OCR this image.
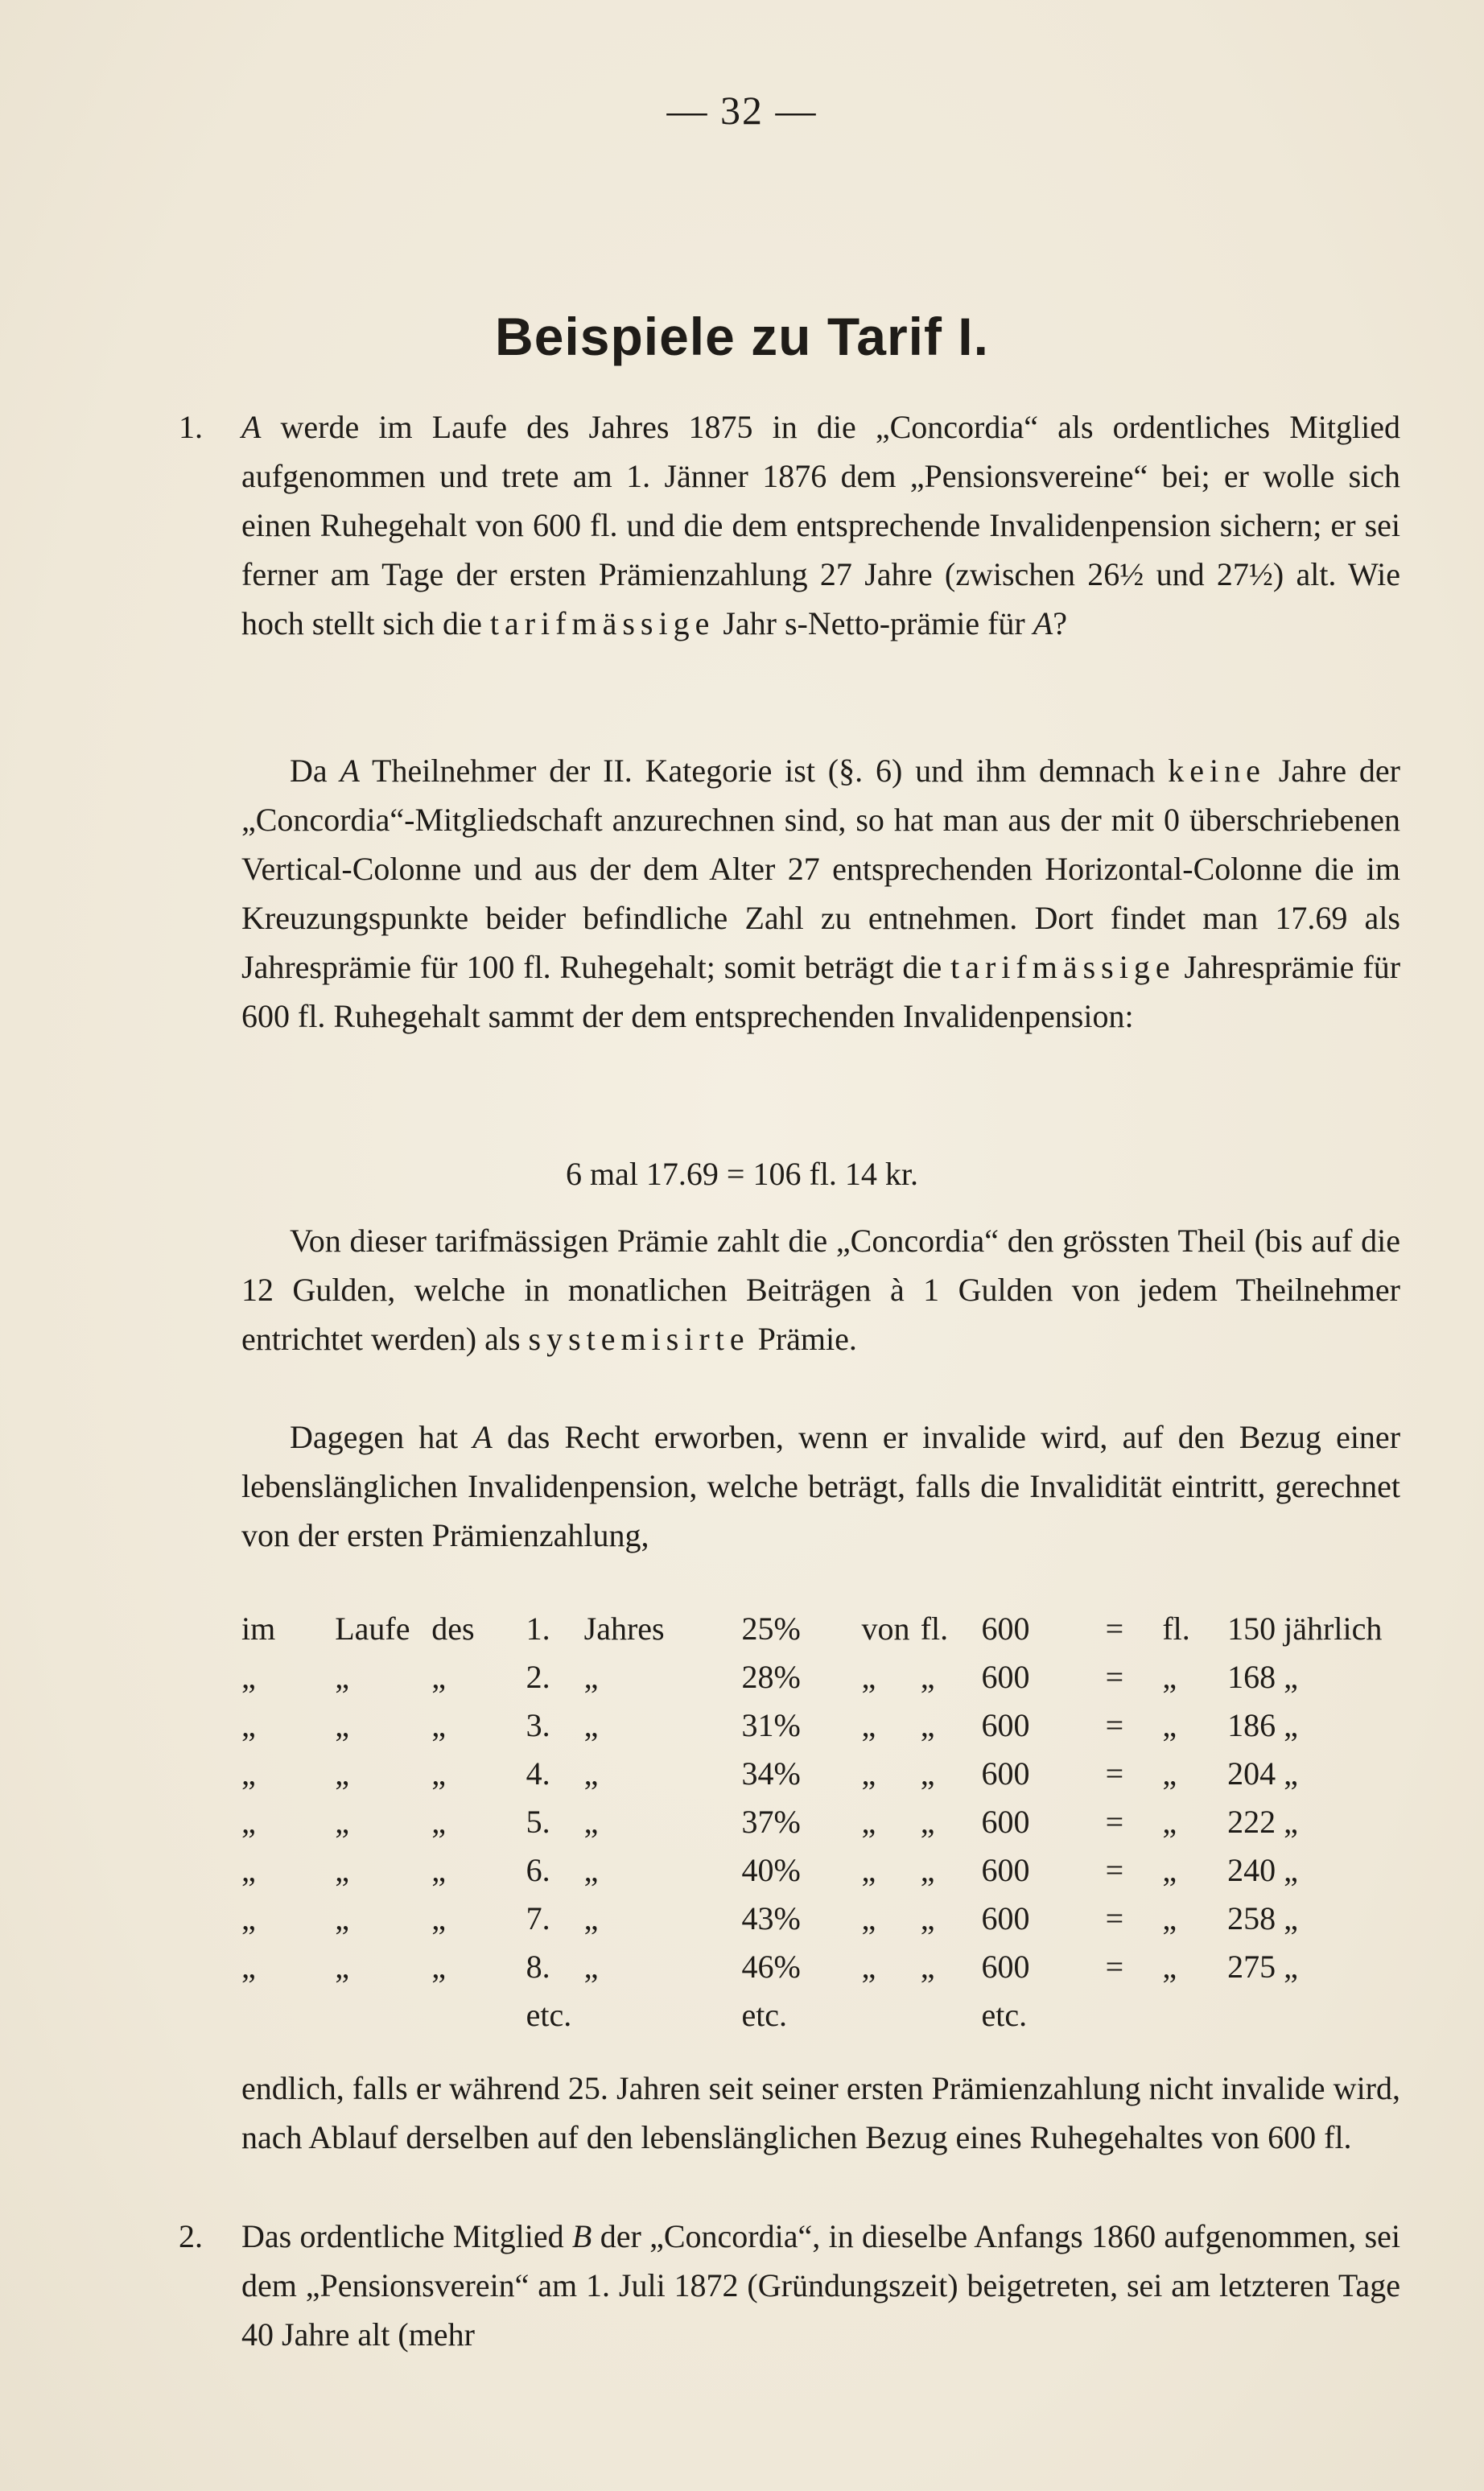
— 32 —
Beispiele zu Tarif I.
1. A werde im Laufe des Jahres 1875 in die „Concordia“ als ordentliches Mitglied aufgenommen und trete am 1. Jänner 1876 dem „Pensionsvereine“ bei; er wolle sich einen Ruhegehalt von 600 fl. und die dem entsprechende Invalidenpension sichern; er sei ferner am Tage der ersten Prämienzahlung 27 Jahre (zwischen 26½ und 27½) alt. Wie hoch stellt sich die tarifmässige Jahr s-Netto-prämie für A?

Da A Theilnehmer der II. Kategorie ist (§. 6) und ihm demnach keine Jahre der „Concordia“-Mitgliedschaft anzurechnen sind, so hat man aus der mit 0 überschriebenen Vertical-Colonne und aus der dem Alter 27 entsprechenden Horizontal-Colonne die im Kreuzungspunkte beider befindliche Zahl zu entnehmen. Dort findet man 17.69 als Jahresprämie für 100 fl. Ruhegehalt; somit beträgt die tarifmässige Jahresprämie für 600 fl. Ruhegehalt sammt der dem entsprechenden Invalidenpension:

6 mal 17.69 = 106 fl. 14 kr.

Von dieser tarifmässigen Prämie zahlt die „Concordia“ den grössten Theil (bis auf die 12 Gulden, welche in monatlichen Beiträgen à 1 Gulden von jedem Theilnehmer entrichtet werden) als systemisirte Prämie.

Dagegen hat A das Recht erworben, wenn er invalide wird, auf den Bezug einer lebenslänglichen Invalidenpension, welche beträgt, falls die Invalidität eintritt, gerechnet von der ersten Prämienzahlung,

im	Laufe	des	1.	Jahres	25%	von	fl.	600	=	fl.	150 jährlich
„	„	„	2.	„	28%	„	„	600	=	„	168 „
„	„	„	3.	„	31%	„	„	600	=	„	186 „
„	„	„	4.	„	34%	„	„	600	=	„	204 „
„	„	„	5.	„	37%	„	„	600	=	„	222 „
„	„	„	6.	„	40%	„	„	600	=	„	240 „
„	„	„	7.	„	43%	„	„	600	=	„	258 „
„	„	„	8.	„	46%	„	„	600	=	„	275 „
			etc.		etc.			etc.			

endlich, falls er während 25. Jahren seit seiner ersten Prämienzahlung nicht invalide wird, nach Ablauf derselben auf den lebenslänglichen Bezug eines Ruhegehaltes von 600 fl.

2. Das ordentliche Mitglied B der „Concordia“, in dieselbe Anfangs 1860 aufgenommen, sei dem „Pensionsverein“ am 1. Juli 1872 (Gründungszeit) beigetreten, sei am letzteren Tage 40 Jahre alt (mehr
